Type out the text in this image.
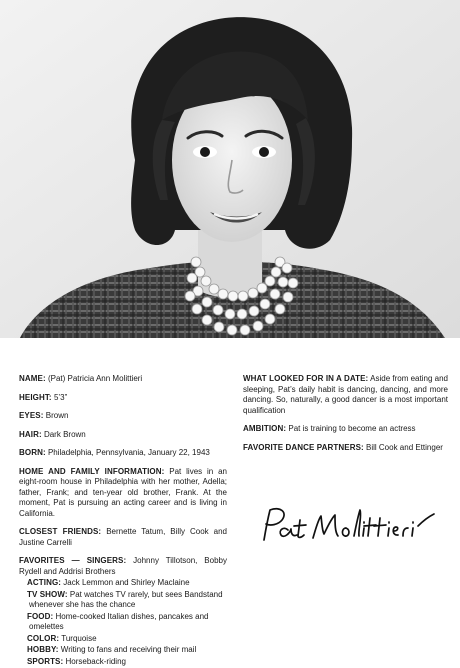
NAME: (Pat) Patricia Ann Molittieri

HEIGHT: 5’3”

EYES: Brown

HAIR: Dark Brown

BORN: Philadelphia, Pennsylvania, January 22, 1943

HOME AND FAMILY INFORMATION: Pat lives in an eight-room house in Philadelphia with her mother, Adella; father, Frank; and ten-year old brother, Frank. At the moment, Pat is pursuing an acting career and is living in California.

CLOSEST FRIENDS: Bernette Tatum, Billy Cook and Justine Carrelli

FAVORITES — SINGERS: Johnny Tillotson, Bobby Rydell and Addrisi Brothers

ACTING: Jack Lemmon and Shirley Maclaine

TV SHOW: Pat watches TV rarely, but sees Bandstand whenever she has the chance

FOOD: Home-cooked Italian dishes, pancakes and omelettes

COLOR: Turquoise

HOBBY: Writing to fans and receiving their mail

SPORTS: Horseback-riding

WHAT LOOKED FOR IN A DATE: Aside from eating and sleeping, Pat’s daily habit is dancing, dancing, and more dancing. So, naturally, a good dancer is a most important qualification

AMBITION: Pat is training to become an actress

FAVORITE DANCE PARTNERS: Bill Cook and Ettinger
